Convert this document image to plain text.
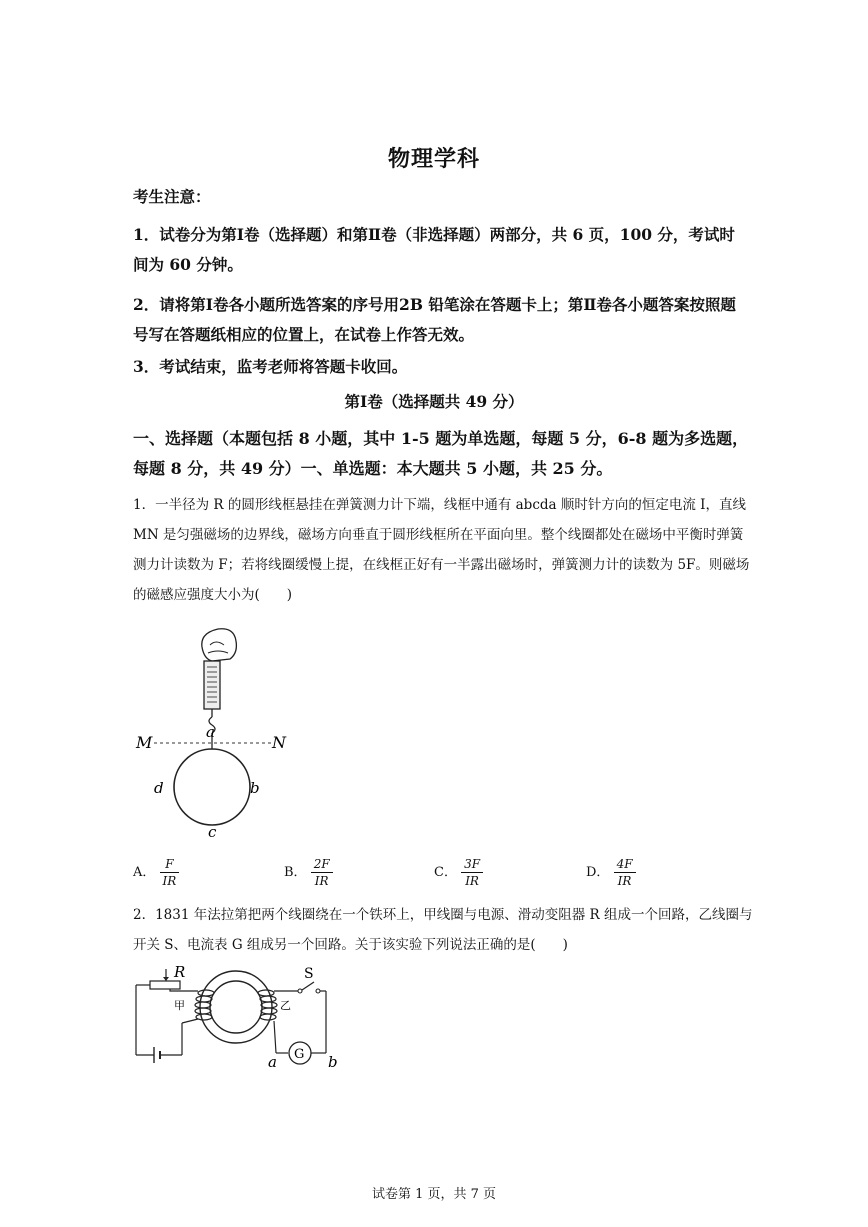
物理学科
考生注意：
1．试卷分为第Ⅰ卷（选择题）和第Ⅱ卷（非选择题）两部分，共 6 页，100 分，考试时间为 60 分钟。
2．请将第Ⅰ卷各小题所选答案的序号用2B 铅笔涂在答题卡上；第Ⅱ卷各小题答案按照题号写在答题纸相应的位置上，在试卷上作答无效。
3．考试结束，监考老师将答题卡收回。
第Ⅰ卷（选择题共 49 分）
一、选择题（本题包括 8 小题，其中 1-5 题为单选题，每题 5 分，6-8 题为多选题，每题 8 分，共 49 分）一、单选题：本大题共 5 小题，共 25 分。
1．一半径为 R 的圆形线框悬挂在弹簧测力计下端，线框中通有 abcda 顺时针方向的恒定电流 I，直线 MN 是匀强磁场的边界线，磁场方向垂直于圆形线框所在平面向里。整个线圈都处在磁场中平衡时弹簧测力计读数为 F；若将线圈缓慢上提，在线框正好有一半露出磁场时，弹簧测力计的读数为 5F。则磁场的磁感应强度大小为(　　)
M	N
a
d	b
c
A． $\frac{F}{IR}$	B． $\frac{2F}{IR}$	C． $\frac{3F}{IR}$	D． $\frac{4F}{IR}$
2．1831 年法拉第把两个线圈绕在一个铁环上，甲线圈与电源、滑动变阻器 R 组成一个回路，乙线圈与开关 S、电流表 G 组成另一个回路。关于该实验下列说法正确的是(　　)
R
甲
S
乙
G
a	b
试卷第 1 页，共 7 页
